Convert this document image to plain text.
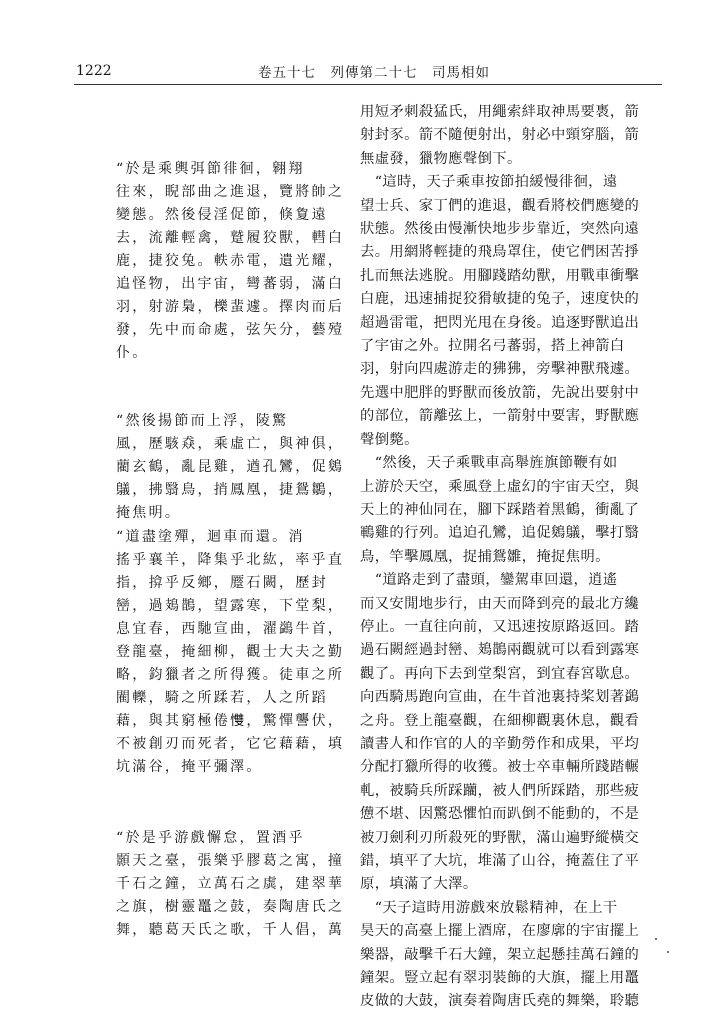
1222	卷五十七　列傳第二十七　司馬相如
“於是乘輿弭節徘徊，翱翔
往來，睨部曲之進退，覽將帥之
變態。然後侵淫促節，倏夐遠
去，流離輕禽，蹵履狡獸，轊白
鹿，捷狡兔。軼赤電，遺光耀，
追怪物，出宇宙，彎蕃弱，滿白
羽，射游梟，櫟蜚遽。擇肉而后
發，先中而命處，弦矢分，藝殪
仆。
“然後揚節而上浮，陵驚
風，歷駭猋，乘虛亡，與神俱，
藺玄鶴，亂昆雞，遒孔鸞，促鵕
鸃，拂翳鳥，捎鳳凰，捷鴛鶵，
掩焦明。
“道盡塗殫，迴車而還。消
搖乎襄羊，降集乎北紘，率乎直
指，揜乎反鄉，蹷石闕，歷封
巒，過鳷鵲，望露寒，下堂梨，
息宜春，西馳宣曲，濯鷁牛首，
登龍臺，掩細柳，觀士大夫之勤
略，鈞獵者之所得獲。徒車之所
閵轢，騎之所蹂若，人之所蹈
藉，與其窮極倦𢥠，驚憚讋伏，
不被創刃而死者，它它藉藉，填
坑滿谷，掩平彌澤。
“於是乎游戲懈怠，置酒乎
顥天之臺，張樂乎膠葛之寓，撞
千石之鐘，立萬石之虡，建翠華
之旗，樹靈鼉之鼓，奏陶唐氏之
舞，聽葛天氏之歌，千人倡，萬
用短矛刺殺猛氏，用繩索絆取神馬要褭，箭
射封豕。箭不隨便射出，射必中頸穿腦，箭
無虛發，獵物應聲倒下。
　“這時，天子乘車按節拍緩慢徘徊，遠
望士兵、家丁們的進退，觀看將校們應變的
狀態。然後由慢漸快地步步靠近，突然向遠
去。用網將輕捷的飛鳥罩住，使它們困苦掙
扎而無法逃脫。用腳踐踏幼獸，用戰車衝擊
白鹿，迅速捕捉狡猾敏捷的兔子，速度快的
超過雷電，把閃光甩在身後。追逐野獸追出
了宇宙之外。拉開名弓蕃弱，搭上神箭白
羽，射向四處游走的狒狒，旁擊神獸飛遽。
先選中肥胖的野獸而後放箭，先說出要射中
的部位，箭離弦上，一箭射中要害，野獸應
聲倒斃。
　“然後，天子乘戰車高舉旌旗節鞭有如
上游於天空，乘風登上虛幻的宇宙天空，與
天上的神仙同在，腳下踩踏着黑鶴，衝亂了
鶤雞的行列。追迫孔鸞，追促鵕鸃，擊打翳
鳥，竿擊鳳凰，捉捕鴛雛，掩捉焦明。
　“道路走到了盡頭，鑾駕車回還，逍遙
而又安閒地步行，由天而降到亮的最北方纔
停止。一直往向前，又迅速按原路返回。踏
過石闕經過封巒、鳷鵲兩觀就可以看到露寒
觀了。再向下去到堂梨宮，到宜春宮歇息。
向西騎馬跑向宣曲，在牛首池裏持桨划著鷁
之舟。登上龍臺觀，在細柳觀裏休息，觀看
讀書人和作官的人的辛勤勞作和成果，平均
分配打獵所得的收獲。被士卒車輛所踐踏輾
軋，被騎兵所踩躪，被人們所踩踏，那些疲
憊不堪、因驚恐懼怕而趴倒不能動的，不是
被刀劍利刃所殺死的野獸，滿山遍野縱橫交
錯，填平了大坑，堆滿了山谷，掩蓋住了平
原，填滿了大澤。
　“天子這時用游戲來放鬆精神，在上干
昊天的高臺上擺上酒席，在廖廓的宇宙擺上
樂器，敲擊千石大鐘，架立起懸挂萬石鐘的
鐘架。豎立起有翠羽裝飾的大旗，擺上用鼉
皮做的大鼓，演奏着陶唐氏堯的舞樂，聆聽
